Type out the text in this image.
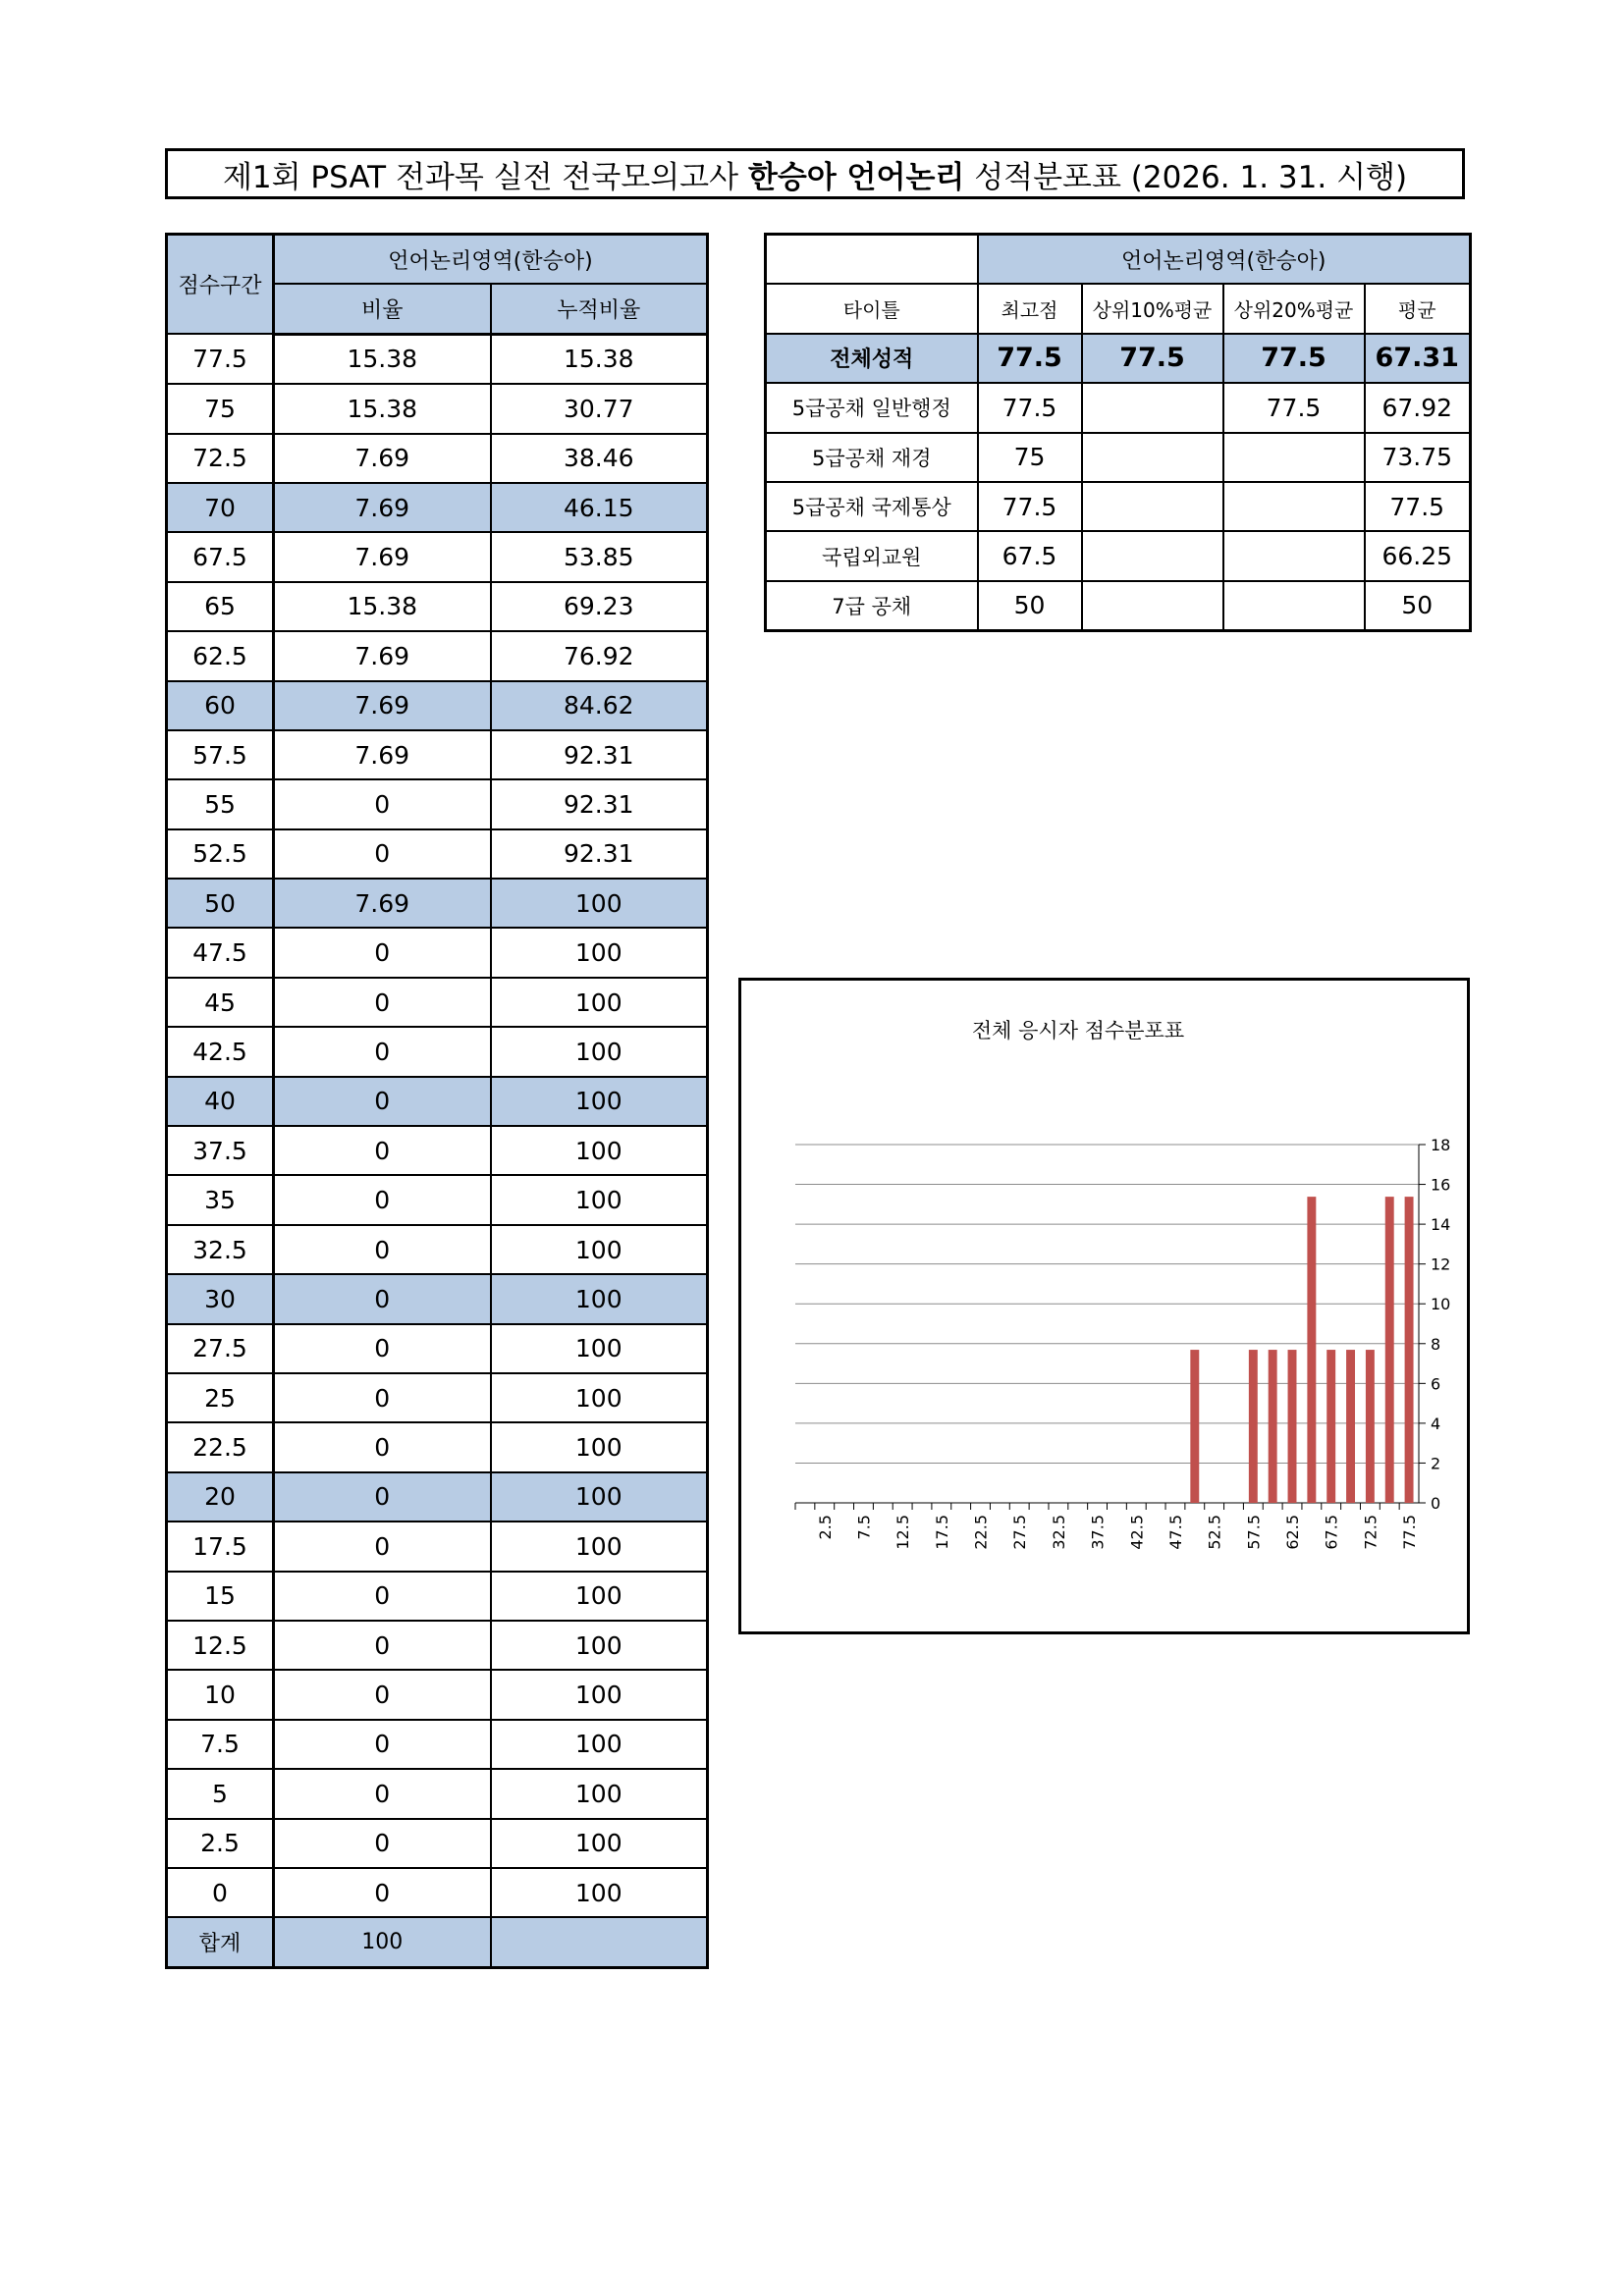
제1회 PSAT 전과목 실전 전국모의고사
한승아 언어논리
성적분포표 (2026. 1. 31. 시행)
점수구간	언어논리영역(한승아)	
	비율	누적비율
77.5	15.38	15.38
75	15.38	30.77
72.5	7.69	38.46
70	7.69	46.15
67.5	7.69	53.85
65	15.38	69.23
62.5	7.69	76.92
60	7.69	84.62
57.5	7.69	92.31
55	0	92.31
52.5	0	92.31
50	7.69	100
47.5	0	100
45	0	100
42.5	0	100
40	0	100
37.5	0	100
35	0	100
32.5	0	100
30	0	100
27.5	0	100
25	0	100
22.5	0	100
20	0	100
17.5	0	100
15	0	100
12.5	0	100
10	0	100
7.5	0	100
5	0	100
2.5	0	100
0	0	100
합계	100	
	언어논리영역(한승아)			
타이틀	최고점	상위10%평균	상위20%평균	평균
전체성적	77.5	77.5	77.5	67.31
5급공채 일반행정	77.5		77.5	67.92
5급공채 재경	75			73.75
5급공채 국제통상	77.5			77.5
국립외교원	67.5			66.25
7급 공채	50			50
전체 응시자 점수분포표
0
2
4
6
8
10
12
14
16
18
2.5 7.5 12.5 17.5 22.5 27.5 32.5 37.5 42.5 47.5 52.5 57.5 62.5 67.5 72.5 77.5
